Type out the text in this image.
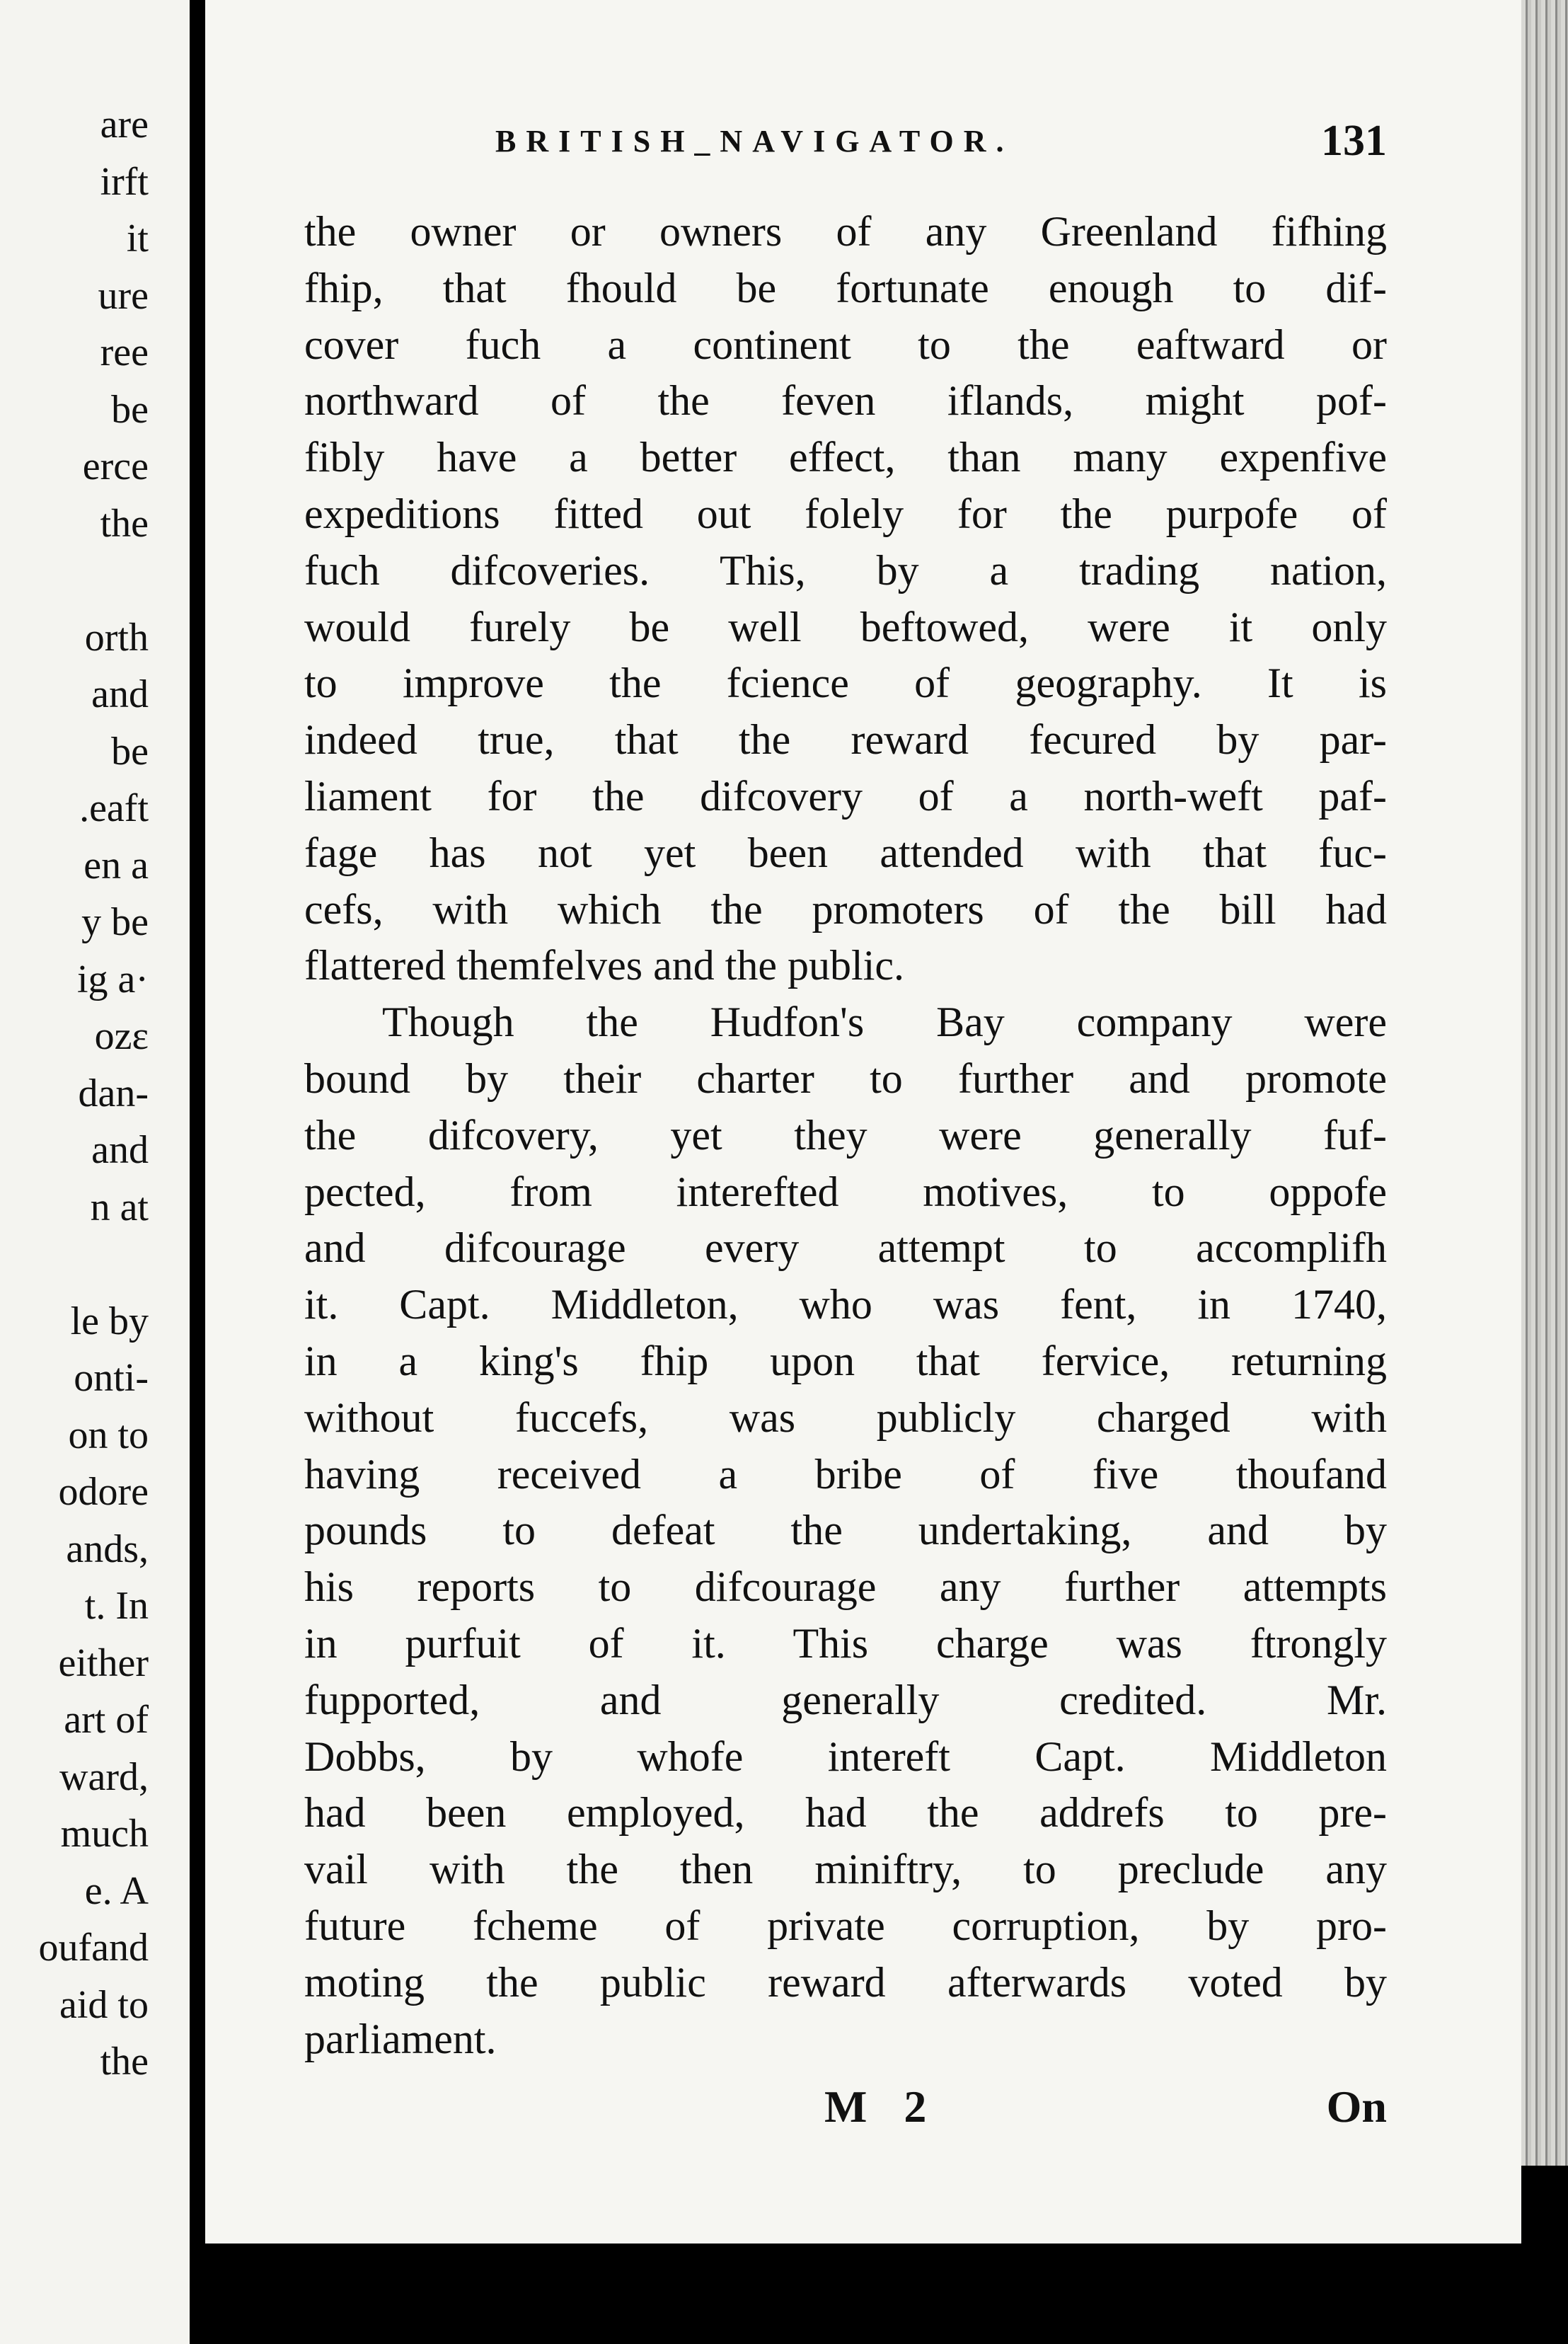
are
irft
it
ure
ree
be
erce
the
orth
and
be
.eaft
en a
y be
ig a·
ozɛ
dan-
and
n at
le by
onti-
on to
odore
ands,
t. In
either
art of
ward,
much
e. A
oufand
aid to
the
BRITISH_NAVIGATOR.	131
the owner or owners of any Greenland fifhing
fhip, that fhould be fortunate enough to dif-
cover fuch a continent to the eaftward or
northward of the feven iflands, might pof-
fibly have a better effect, than many expenfive
expeditions fitted out folely for the purpofe of
fuch difcoveries. This, by a trading nation,
would furely be well beftowed, were it only
to improve the fcience of geography. It is
indeed true, that the reward fecured by par-
liament for the difcovery of a north-weft paf-
fage has not yet been attended with that fuc-
cefs, with which the promoters of the bill had
flattered themfelves and the public.
Though the Hudfon's Bay company were
bound by their charter to further and promote
the difcovery, yet they were generally fuf-
pected, from interefted motives, to oppofe
and difcourage every attempt to accomplifh
it. Capt. Middleton, who was fent, in 1740,
in a king's fhip upon that fervice, returning
without fuccefs, was publicly charged with
having received a bribe of five thoufand
pounds to defeat the undertaking, and by
his reports to difcourage any further attempts
in purfuit of it. This charge was ftrongly
fupported, and generally credited. Mr.
Dobbs, by whofe intereft Capt. Middleton
had been employed, had the addrefs to pre-
vail with the then miniftry, to preclude any
future fcheme of private corruption, by pro-
moting the public reward afterwards voted by
parliament.
M 2	On
